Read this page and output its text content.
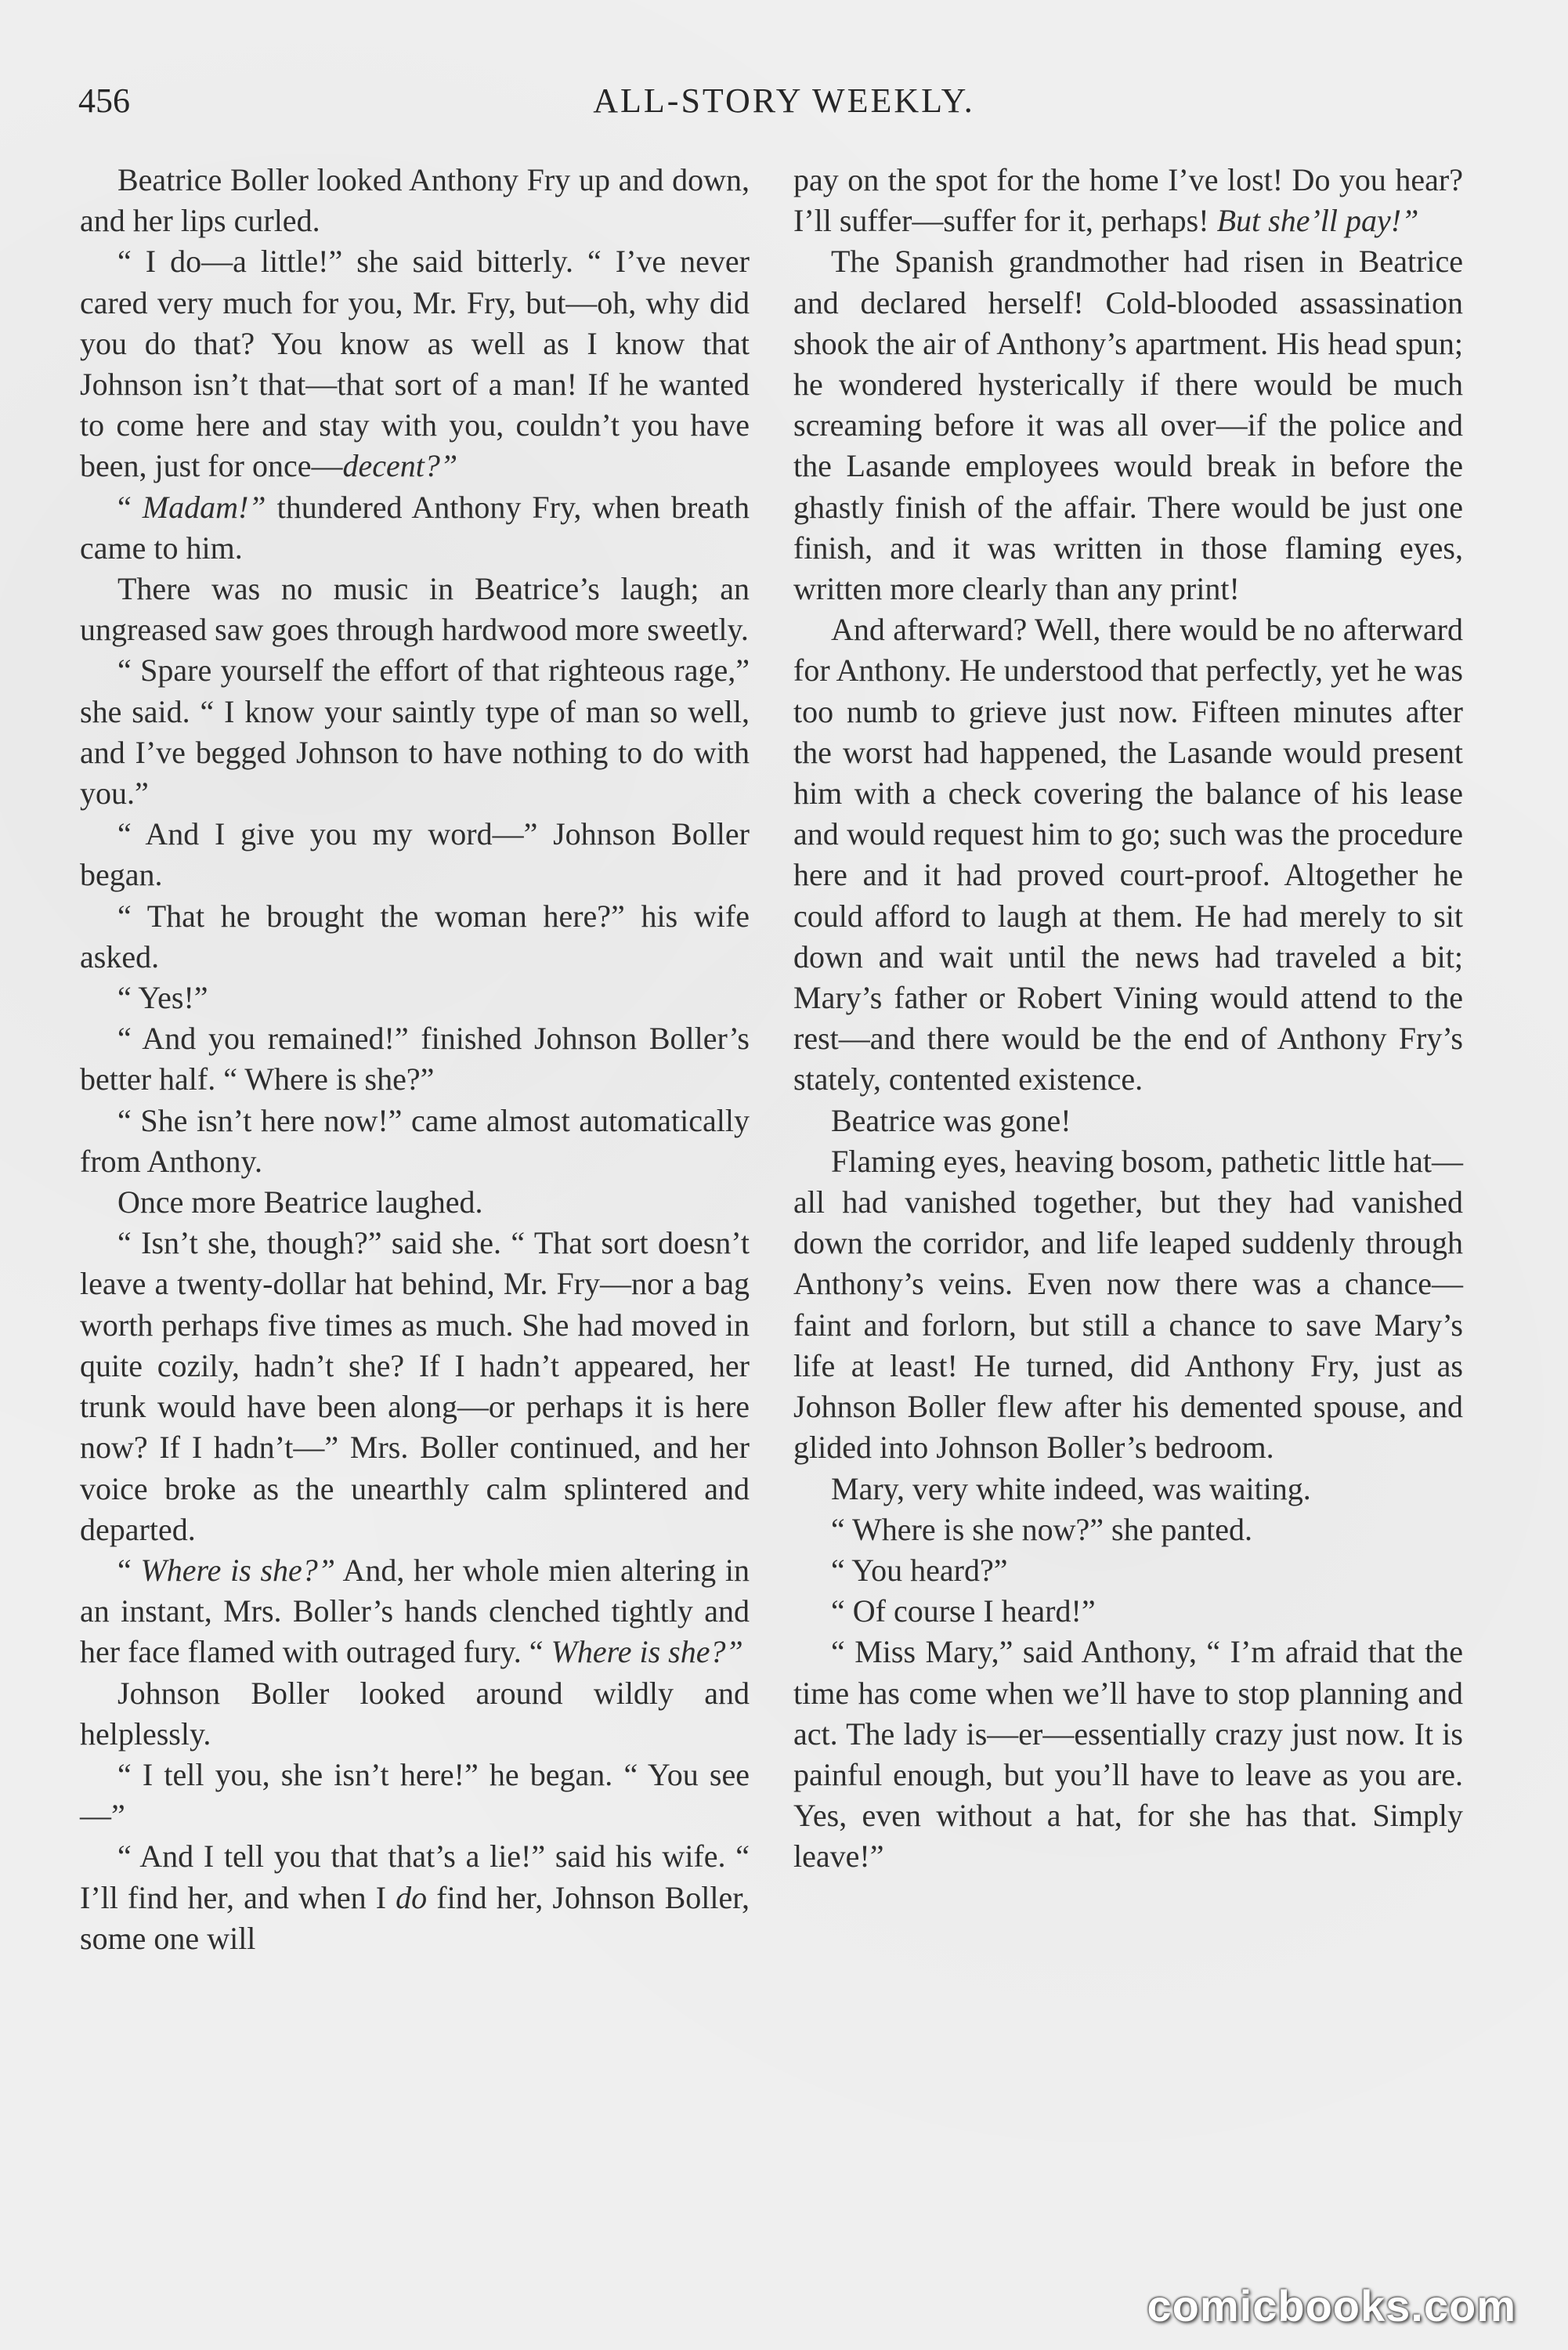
456	ALL-STORY WEEKLY.

Beatrice Boller looked Anthony Fry up and down, and her lips curled.

“ I do—a little!” she said bitterly. “ I’ve never cared very much for you, Mr. Fry, but—oh, why did you do that? You know as well as I know that Johnson isn’t that—that sort of a man! If he wanted to come here and stay with you, couldn’t you have been, just for once—decent?”

“ Madam!” thundered Anthony Fry, when breath came to him.

There was no music in Beatrice’s laugh; an ungreased saw goes through hardwood more sweetly.

“ Spare yourself the effort of that righteous rage,” she said. “ I know your saintly type of man so well, and I’ve begged Johnson to have nothing to do with you.”

“ And I give you my word—” Johnson Boller began.

“ That he brought the woman here?” his wife asked.

“ Yes!”

“ And you remained!” finished Johnson Boller’s better half. “ Where is she?”

“ She isn’t here now!” came almost automatically from Anthony.

Once more Beatrice laughed.

“ Isn’t she, though?” said she. “ That sort doesn’t leave a twenty-dollar hat behind, Mr. Fry—nor a bag worth perhaps five times as much. She had moved in quite cozily, hadn’t she? If I hadn’t appeared, her trunk would have been along—or perhaps it is here now? If I hadn’t—” Mrs. Boller continued, and her voice broke as the unearthly calm splintered and departed.

“ Where is she?” And, her whole mien altering in an instant, Mrs. Boller’s hands clenched tightly and her face flamed with outraged fury. “ Where is she?”

Johnson Boller looked around wildly and helplessly.

“ I tell you, she isn’t here!” he began. “ You see—”

“ And I tell you that that’s a lie!” said his wife. “ I’ll find her, and when I do find her, Johnson Boller, some one will

pay on the spot for the home I’ve lost! Do you hear? I’ll suffer—suffer for it, perhaps! But she’ll pay!”

The Spanish grandmother had risen in Beatrice and declared herself! Cold-blooded assassination shook the air of Anthony’s apartment. His head spun; he wondered hysterically if there would be much screaming before it was all over—if the police and the Lasande employees would break in before the ghastly finish of the affair. There would be just one finish, and it was written in those flaming eyes, written more clearly than any print!

And afterward? Well, there would be no afterward for Anthony. He understood that perfectly, yet he was too numb to grieve just now. Fifteen minutes after the worst had happened, the Lasande would present him with a check covering the balance of his lease and would request him to go; such was the procedure here and it had proved court-proof. Altogether he could afford to laugh at them. He had merely to sit down and wait until the news had traveled a bit; Mary’s father or Robert Vining would attend to the rest—and there would be the end of Anthony Fry’s stately, contented existence.

Beatrice was gone!

Flaming eyes, heaving bosom, pathetic little hat—all had vanished together, but they had vanished down the corridor, and life leaped suddenly through Anthony’s veins. Even now there was a chance—faint and forlorn, but still a chance to save Mary’s life at least! He turned, did Anthony Fry, just as Johnson Boller flew after his demented spouse, and glided into Johnson Boller’s bedroom.

Mary, very white indeed, was waiting.

“ Where is she now?” she panted.

“ You heard?”

“ Of course I heard!”

“ Miss Mary,” said Anthony, “ I’m afraid that the time has come when we’ll have to stop planning and act. The lady is—er—essentially crazy just now. It is painful enough, but you’ll have to leave as you are. Yes, even without a hat, for she has that. Simply leave!”

comicbooks.com
